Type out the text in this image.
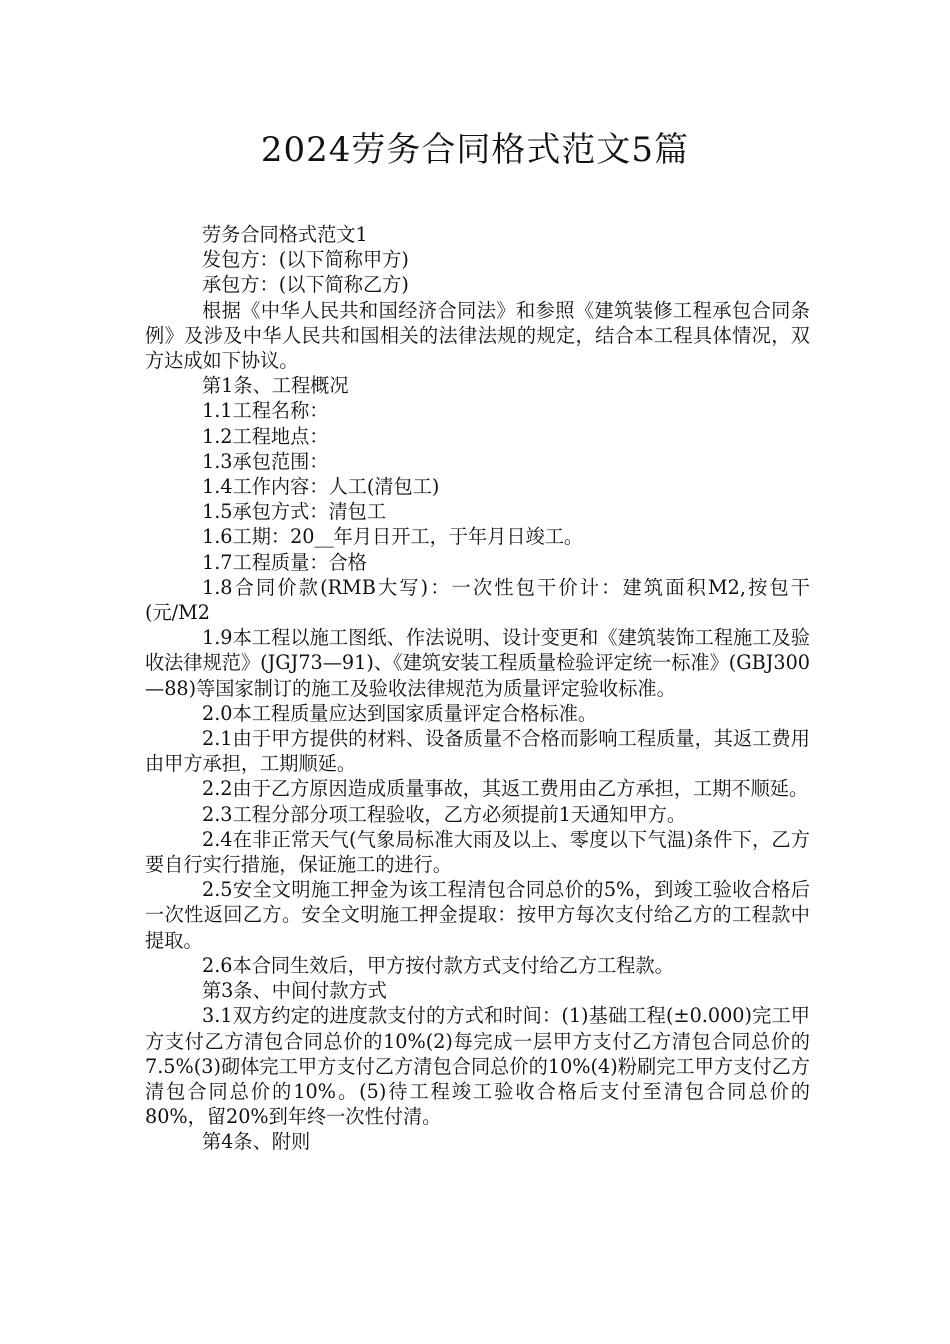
2024劳务合同格式范文5篇

劳务合同格式范文1

发包方：(以下简称甲方)

承包方：(以下简称乙方)

根据《中华人民共和国经济合同法》和参照《建筑装修工程承包合同条例》及涉及中华人民共和国相关的法律法规的规定，结合本工程具体情况，双方达成如下协议。

第1条、工程概况

1.1工程名称：

1.2工程地点：

1.3承包范围：

1.4工作内容：人工(清包工)

1.5承包方式：清包工

1.6工期：20__年月日开工，于年月日竣工。

1.7工程质量：合格

1.8合同价款(RMB大写)：一次性包干价计：建筑面积M2,按包干(元/M2

1.9本工程以施工图纸、作法说明、设计变更和《建筑装饰工程施工及验收法律规范》(JGJ73—91)、《建筑安装工程质量检验评定统一标准》(GBJ300—88)等国家制订的施工及验收法律规范为质量评定验收标准。

2.0本工程质量应达到国家质量评定合格标准。

2.1由于甲方提供的材料、设备质量不合格而影响工程质量，其返工费用由甲方承担，工期顺延。

2.2由于乙方原因造成质量事故，其返工费用由乙方承担，工期不顺延。

2.3工程分部分项工程验收，乙方必须提前1天通知甲方。

2.4在非正常天气(气象局标准大雨及以上、零度以下气温)条件下，乙方要自行实行措施，保证施工的进行。

2.5安全文明施工押金为该工程清包合同总价的5%，到竣工验收合格后一次性返回乙方。安全文明施工押金提取：按甲方每次支付给乙方的工程款中提取。

2.6本合同生效后，甲方按付款方式支付给乙方工程款。

第3条、中间付款方式

3.1双方约定的进度款支付的方式和时间：(1)基础工程(±0.000)完工甲方支付乙方清包合同总价的10%(2)每完成一层甲方支付乙方清包合同总价的7.5%(3)砌体完工甲方支付乙方清包合同总价的10%(4)粉刷完工甲方支付乙方清包合同总价的10%。(5)待工程竣工验收合格后支付至清包合同总价的80%，留20%到年终一次性付清。

第4条、附则
